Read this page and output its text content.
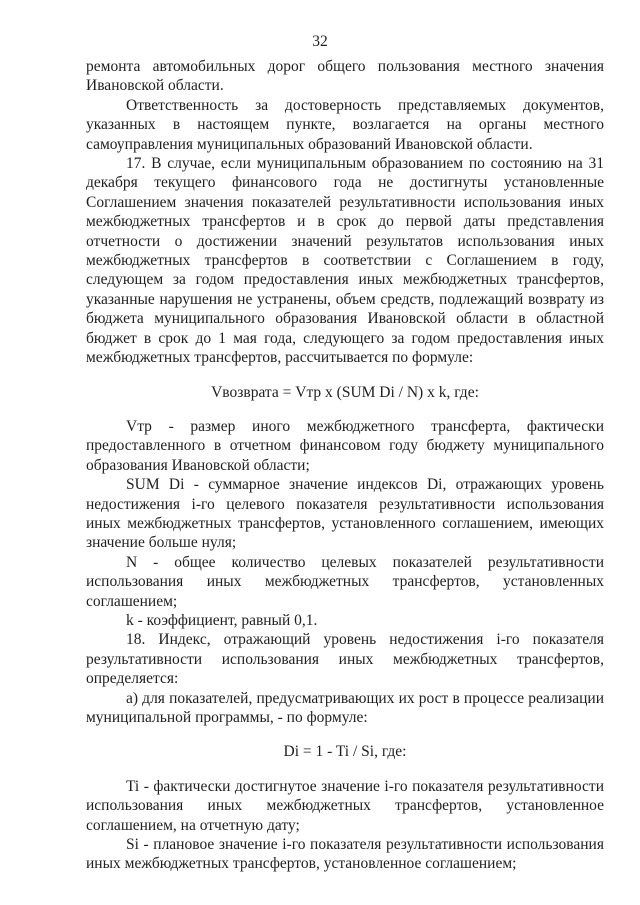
32

ремонта автомобильных дорог общего пользования местного значения Ивановской области.

Ответственность за достоверность представляемых документов, указанных в настоящем пункте, возлагается на органы местного самоуправления муниципальных образований Ивановской области.

17. В случае, если муниципальным образованием по состоянию на 31 декабря текущего финансового года не достигнуты установленные Соглашением значения показателей результативности использования иных межбюджетных трансфертов и в срок до первой даты представления отчетности о достижении значений результатов использования иных межбюджетных трансфертов в соответствии с Соглашением в году, следующем за годом предоставления иных межбюджетных трансфертов, указанные нарушения не устранены, объем средств, подлежащий возврату из бюджета муниципального образования Ивановской области в областной бюджет в срок до 1 мая года, следующего за годом предоставления иных межбюджетных трансфертов, рассчитывается по формуле:

Vвозврата = Vтр x (SUM Di / N) x k, где:

Vтр - размер иного межбюджетного трансферта, фактически предоставленного в отчетном финансовом году бюджету муниципального образования Ивановской области;

SUM Di - суммарное значение индексов Di, отражающих уровень недостижения i-го целевого показателя результативности использования иных межбюджетных трансфертов, установленного соглашением, имеющих значение больше нуля;

N - общее количество целевых показателей результативности использования иных межбюджетных трансфертов, установленных соглашением;

k - коэффициент, равный 0,1.

18. Индекс, отражающий уровень недостижения i-го показателя результативности использования иных межбюджетных трансфертов, определяется:

а) для показателей, предусматривающих их рост в процессе реализации муниципальной программы, - по формуле:

Di = 1 - Ti / Si, где:

Ti - фактически достигнутое значение i-го показателя результативности использования иных межбюджетных трансфертов, установленное соглашением, на отчетную дату;

Si - плановое значение i-го показателя результативности использования иных межбюджетных трансфертов, установленное соглашением;
